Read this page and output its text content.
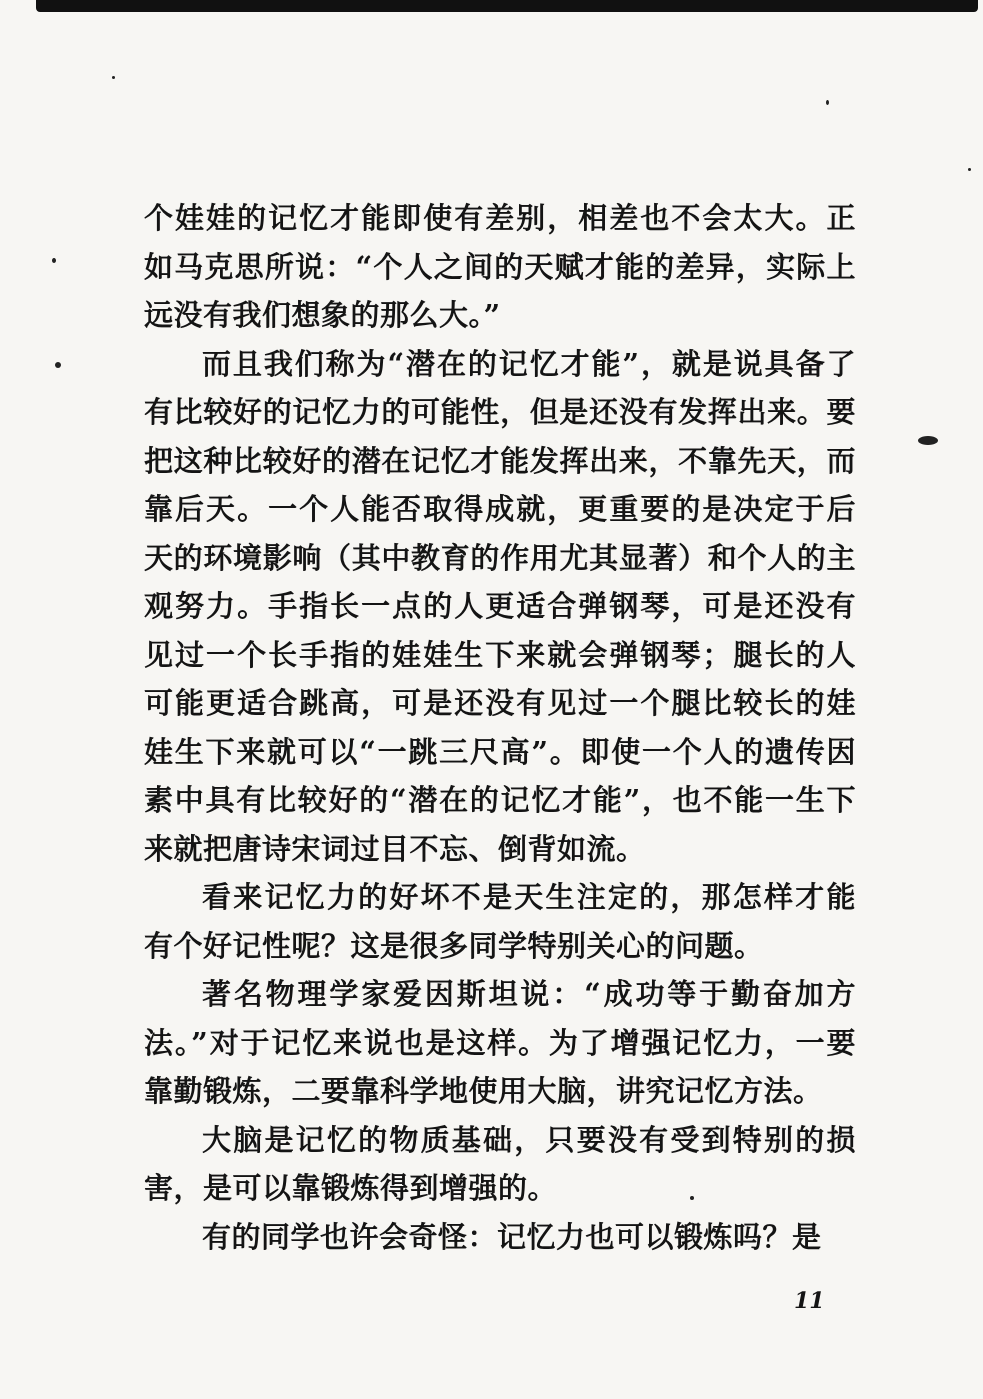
个娃娃的记忆才能即使有差别，相差也不会太大。正
如马克思所说：“个人之间的天赋才能的差异，实际上
远没有我们想象的那么大。”
而且我们称为“潜在的记忆才能”，就是说具备了
有比较好的记忆力的可能性，但是还没有发挥出来。要
把这种比较好的潜在记忆才能发挥出来，不靠先天，而
靠后天。一个人能否取得成就，更重要的是决定于后
天的环境影响（其中教育的作用尤其显著）和个人的主
观努力。手指长一点的人更适合弹钢琴，可是还没有
见过一个长手指的娃娃生下来就会弹钢琴；腿长的人
可能更适合跳高，可是还没有见过一个腿比较长的娃
娃生下来就可以“一跳三尺高”。即使一个人的遗传因
素中具有比较好的“潜在的记忆才能”，也不能一生下
来就把唐诗宋词过目不忘、倒背如流。
看来记忆力的好坏不是天生注定的，那怎样才能
有个好记性呢？这是很多同学特别关心的问题。
著名物理学家爱因斯坦说：“成功等于勤奋加方
法。”对于记忆来说也是这样。为了增强记忆力，一要
靠勤锻炼，二要靠科学地使用大脑，讲究记忆方法。
大脑是记忆的物质基础，只要没有受到特别的损
害，是可以靠锻炼得到增强的。
有的同学也许会奇怪：记忆力也可以锻炼吗？是
11
